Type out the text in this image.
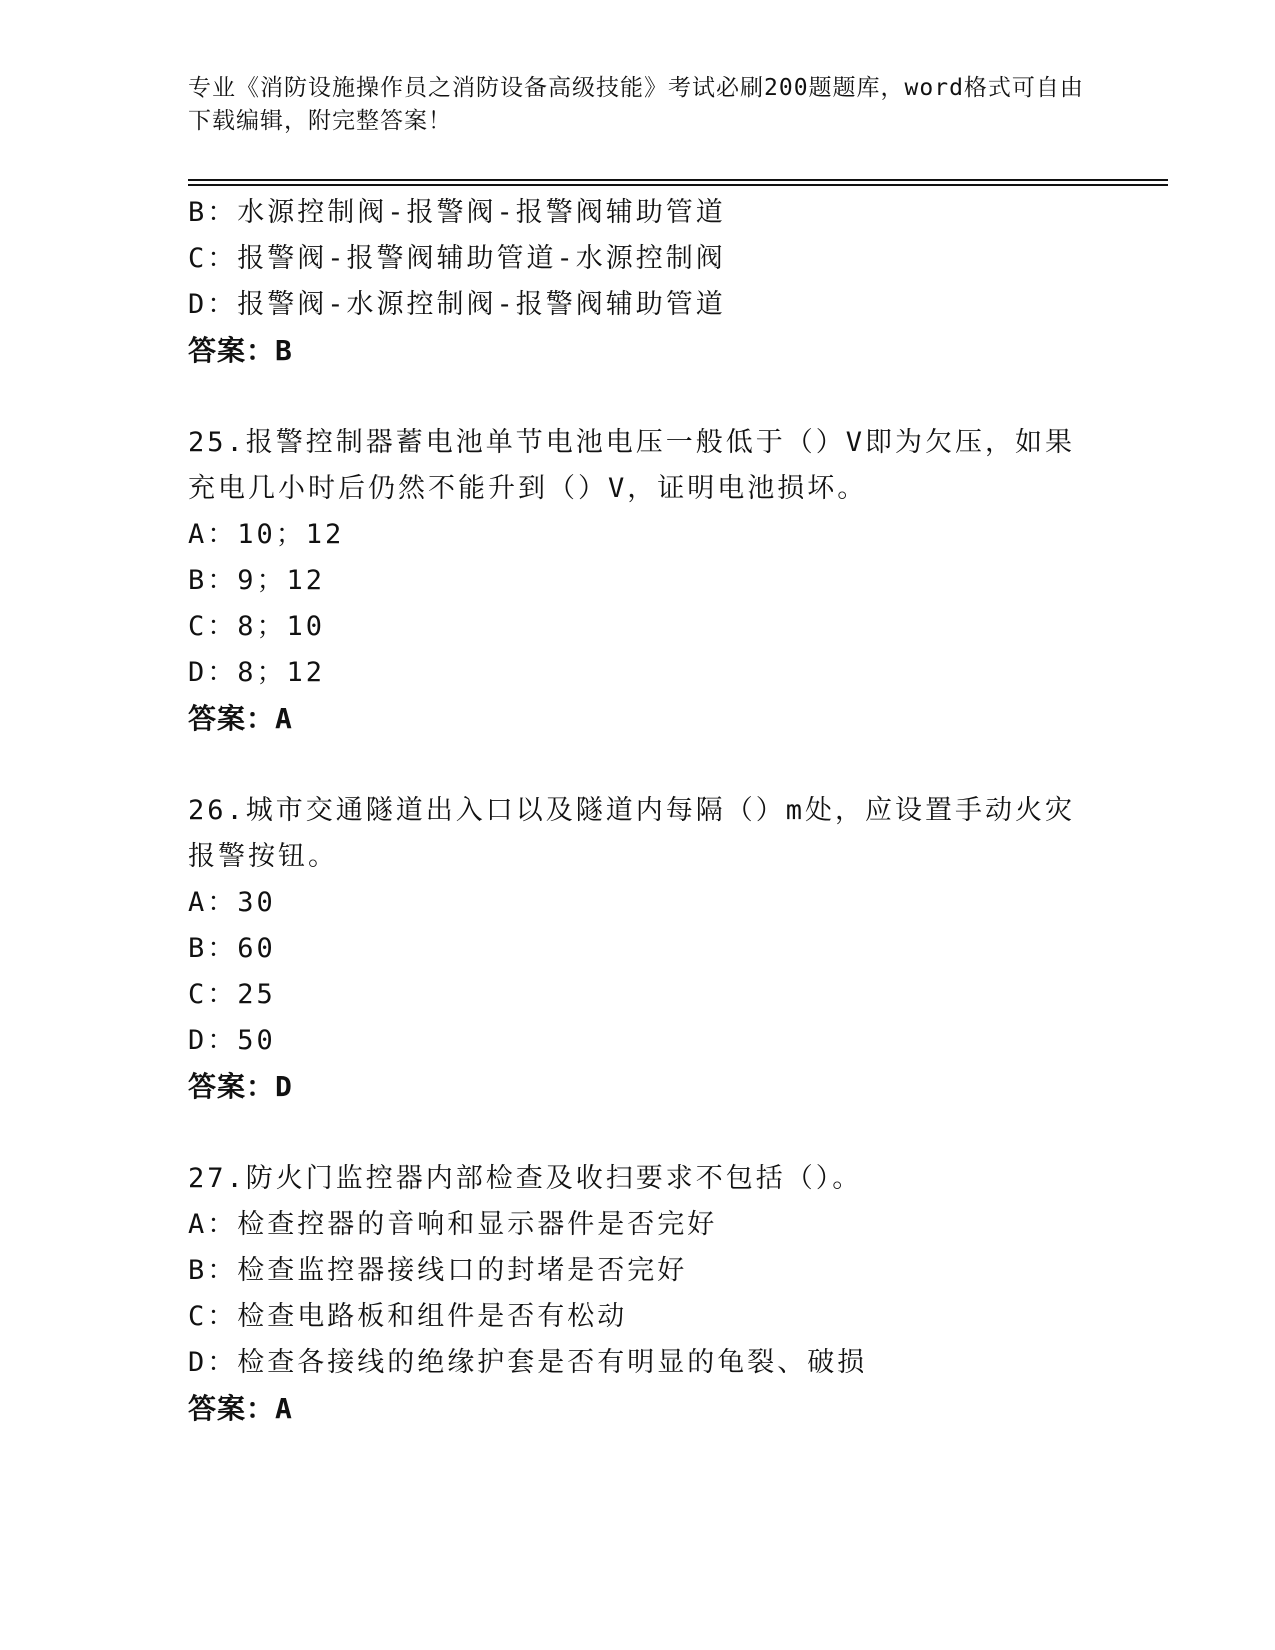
专业《消防设施操作员之消防设备高级技能》考试必刷200题题库，word格式可自由下载编辑，附完整答案！
B：水源控制阀-报警阀-报警阀辅助管道
C：报警阀-报警阀辅助管道-水源控制阀
D：报警阀-水源控制阀-报警阀辅助管道
答案：B
25.报警控制器蓄电池单节电池电压一般低于（）V即为欠压，如果充电几小时后仍然不能升到（）V，证明电池损坏。
A：10；12
B：9；12
C：8；10
D：8；12
答案：A
26.城市交通隧道出入口以及隧道内每隔（）m处，应设置手动火灾报警按钮。
A：30
B：60
C：25
D：50
答案：D
27.防火门监控器内部检查及收扫要求不包括（）。
A：检查控器的音响和显示器件是否完好
B：检查监控器接线口的封堵是否完好
C：检查电路板和组件是否有松动
D：检查各接线的绝缘护套是否有明显的龟裂、破损
答案：A
